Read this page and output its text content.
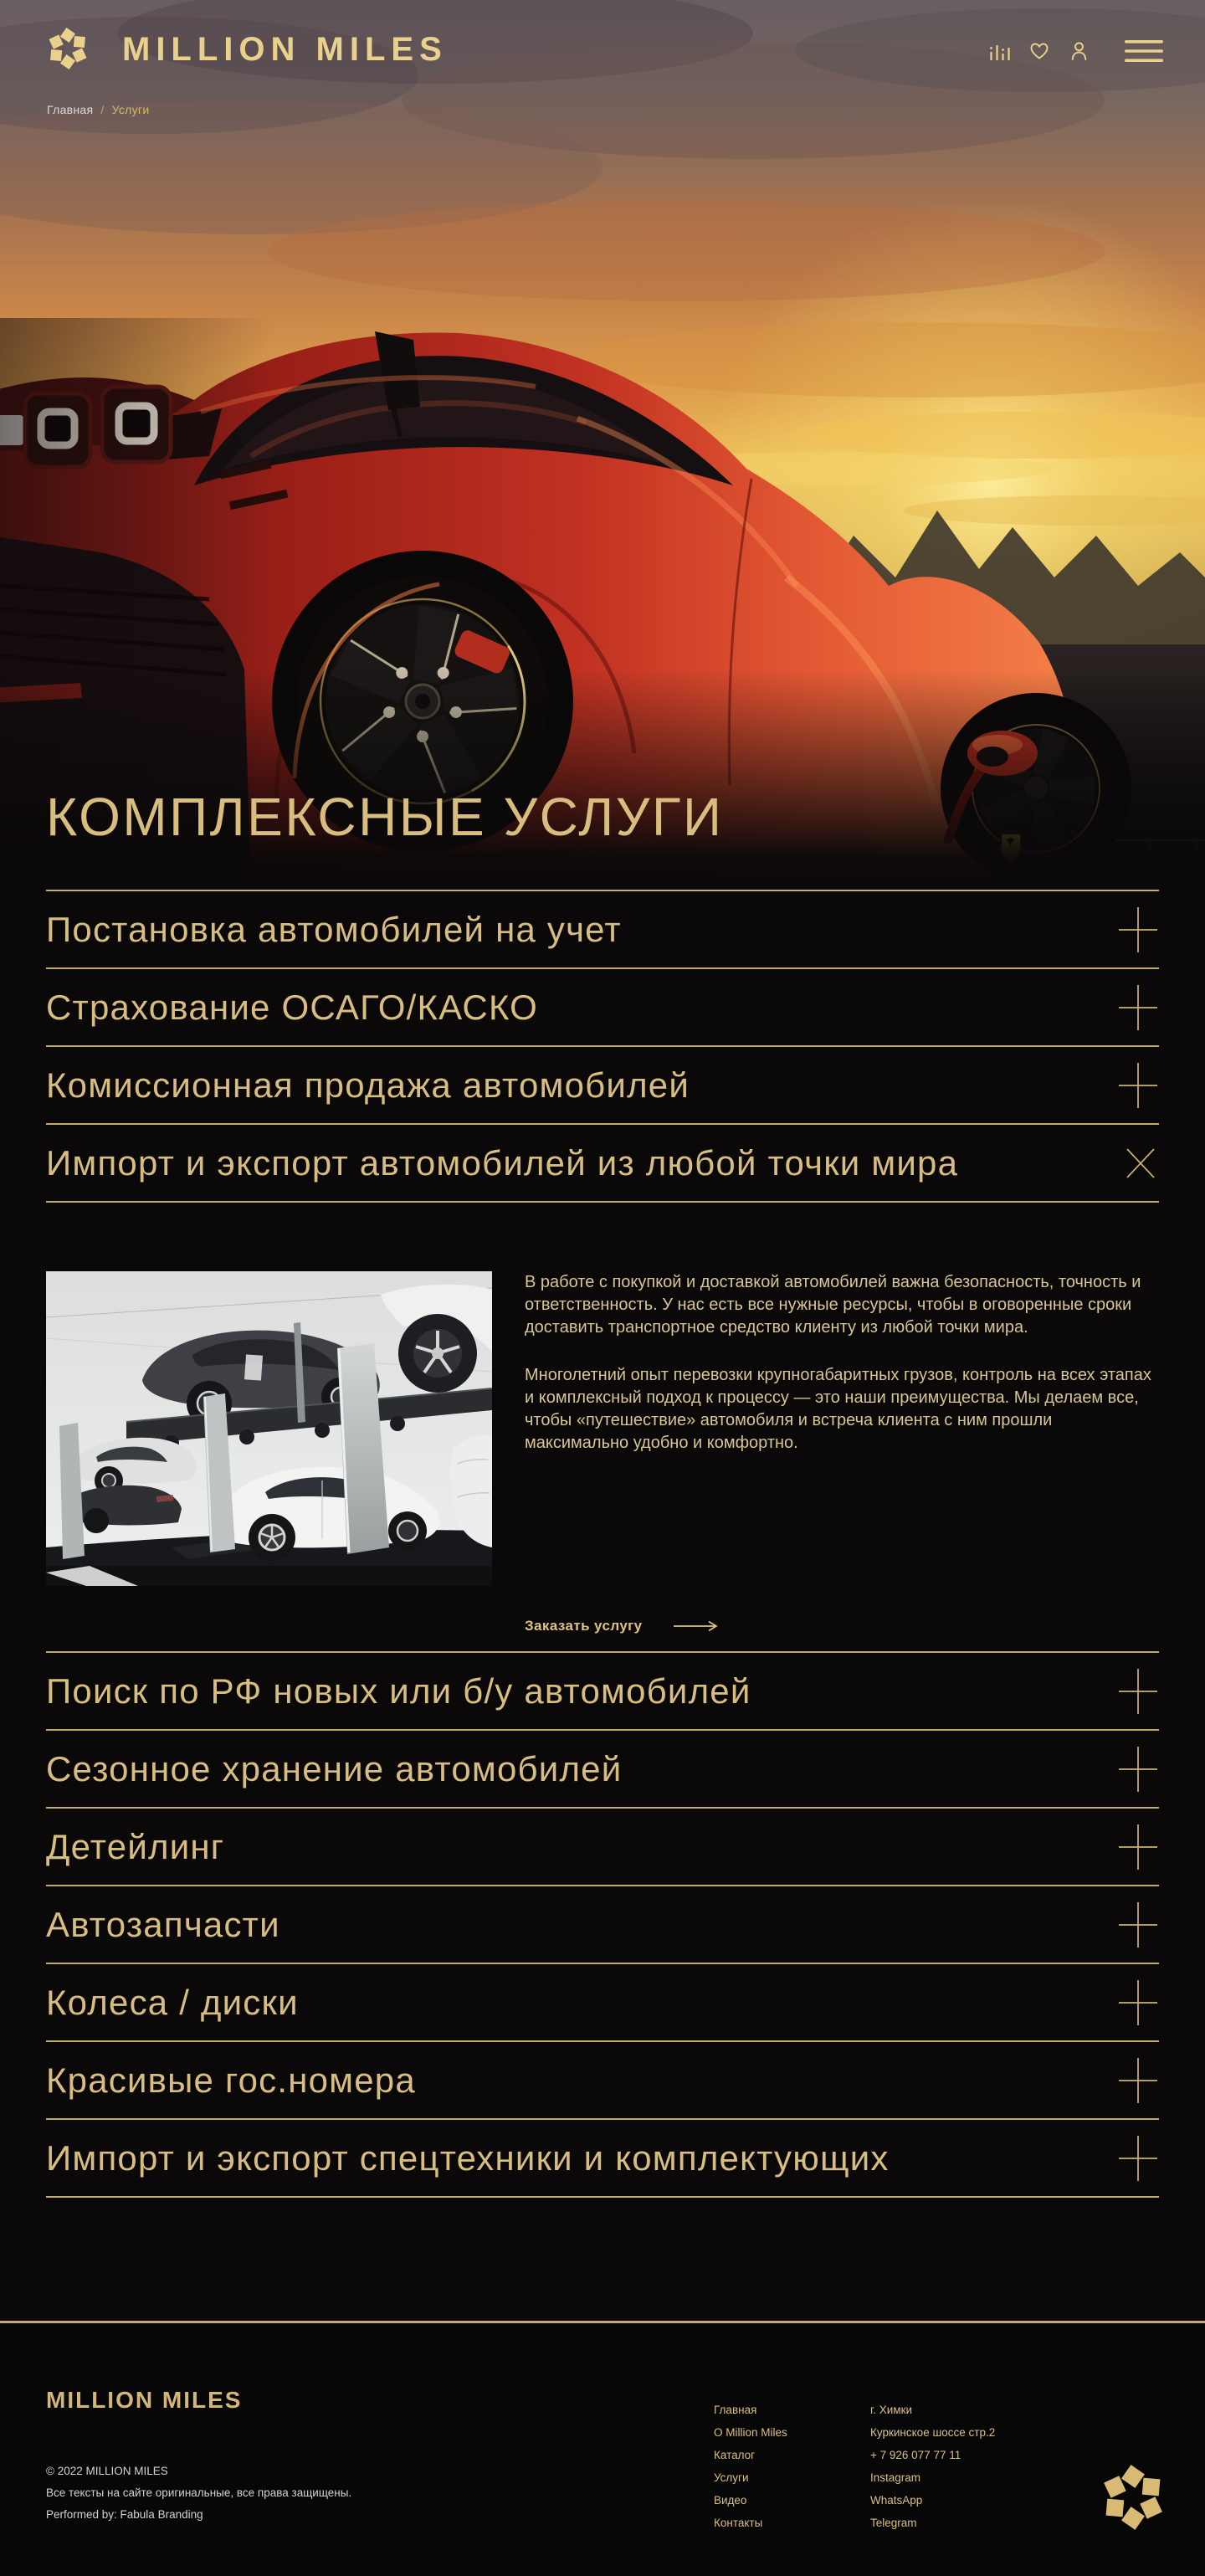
MILLION MILES
Главная / Услуги
КОМПЛЕКСНЫЕ УСЛУГИ
Постановка автомобилей на учет
Страхование ОСАГО/КАСКО
Комиссионная продажа автомобилей
Импорт и экспорт автомобилей из любой точки мира

В работе с покупкой и доставкой автомобилей важна безопасность, точность и ответственность. У нас есть все нужные ресурсы, чтобы в оговоренные сроки доставить транспортное средство клиенту из любой точки мира.

Многолетний опыт перевозки крупногабаритных грузов, контроль на всех этапах и комплексный подход к процессу — это наши преимущества. Мы делаем все, чтобы «путешествие» автомобиля и встреча клиента с ним прошли максимально удобно и комфортно.

Заказать услугу
Поиск по РФ новых или б/у автомобилей
Сезонное хранение автомобилей
Детейлинг
Автозапчасти
Колеса / диски
Красивые гос.номера
Импорт и экспорт спецтехники и комплектующих
MILLION MILES
© 2022 MILLION MILES
Все тексты на сайте оригинальные, все права защищены.
Performed by: Fabula Branding
Главная
О Million Miles
Каталог
Услуги
Видео
Контакты
г. Химки
Куркинское шоссе стр.2
+ 7 926 077 77 11
Instagram
WhatsApp
Telegram
